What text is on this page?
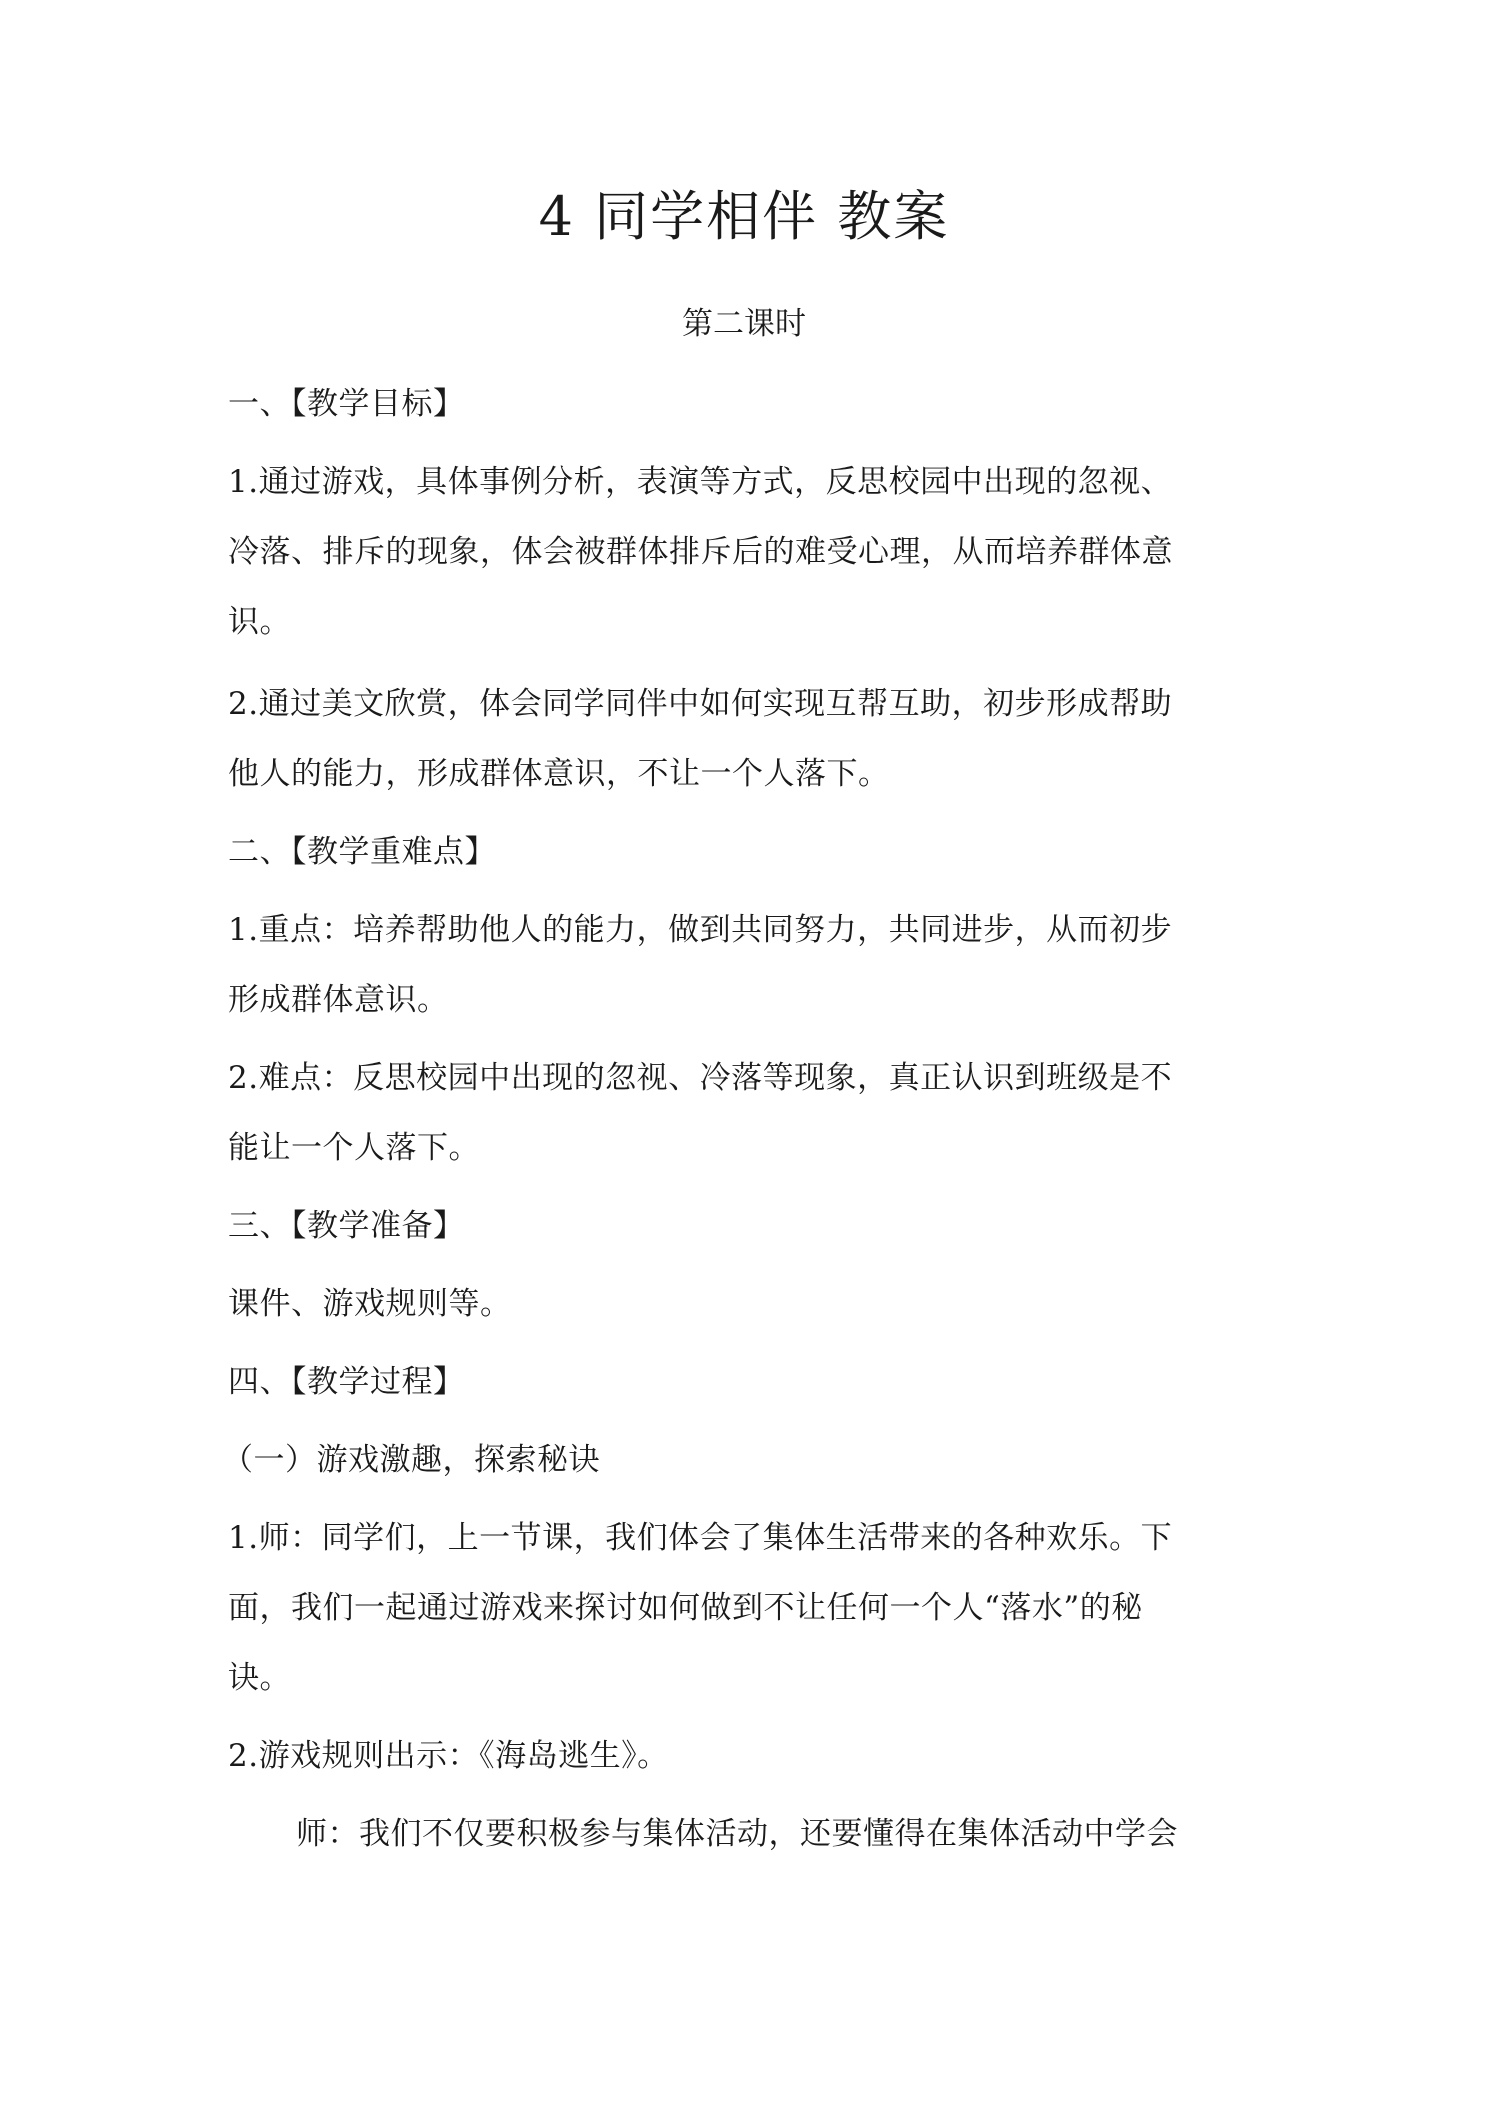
4 同学相伴 教案
第二课时
一、【教学目标】
1.通过游戏，具体事例分析，表演等方式，反思校园中出现的忽视、
冷落、排斥的现象，体会被群体排斥后的难受心理，从而培养群体意
识。
2.通过美文欣赏，体会同学同伴中如何实现互帮互助，初步形成帮助
他人的能力，形成群体意识，不让一个人落下。
二、【教学重难点】
1.重点：培养帮助他人的能力，做到共同努力，共同进步，从而初步
形成群体意识。
2.难点：反思校园中出现的忽视、冷落等现象，真正认识到班级是不
能让一个人落下。
三、【教学准备】
课件、游戏规则等。
四、【教学过程】
（一）游戏激趣，探索秘诀
1.师：同学们，上一节课，我们体会了集体生活带来的各种欢乐。下
面，我们一起通过游戏来探讨如何做到不让任何一个人“落水”的秘
诀。
2.游戏规则出示：《海岛逃生》。
师：我们不仅要积极参与集体活动，还要懂得在集体活动中学会
